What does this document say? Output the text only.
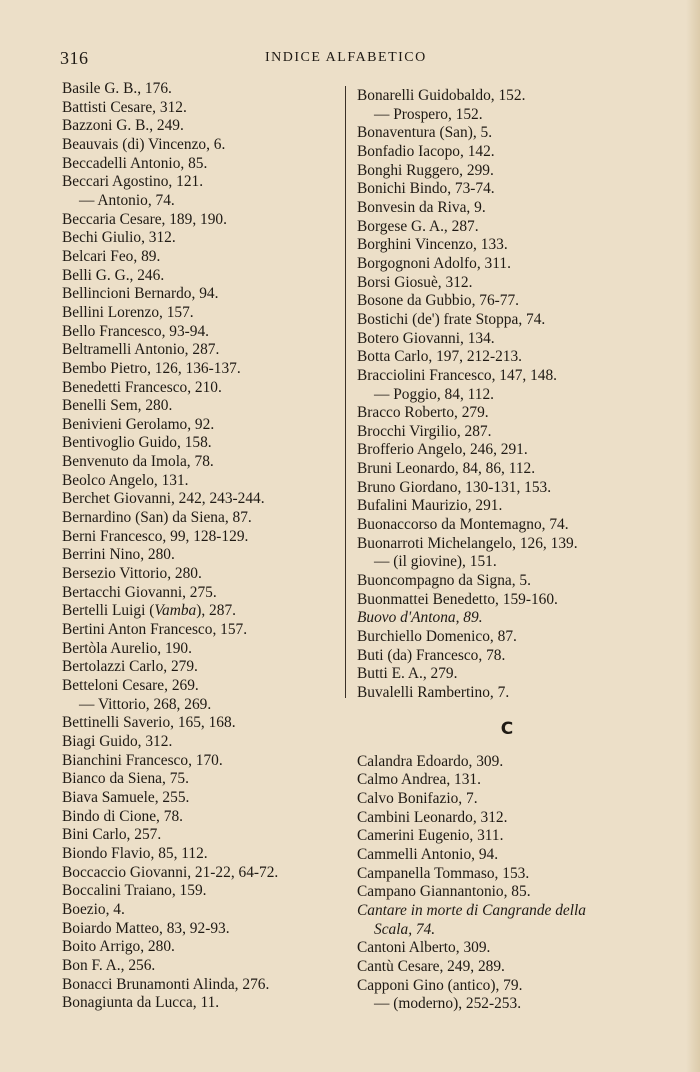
316	INDICE ALFABETICO
Basile G. B., 176.
Battisti Cesare, 312.
Bazzoni G. B., 249.
Beauvais (di) Vincenzo, 6.
Beccadelli Antonio, 85.
Beccari Agostino, 121.
— Antonio, 74.
Beccaria Cesare, 189, 190.
Bechi Giulio, 312.
Belcari Feo, 89.
Belli G. G., 246.
Bellincioni Bernardo, 94.
Bellini Lorenzo, 157.
Bello Francesco, 93-94.
Beltramelli Antonio, 287.
Bembo Pietro, 126, 136-137.
Benedetti Francesco, 210.
Benelli Sem, 280.
Benivieni Gerolamo, 92.
Bentivoglio Guido, 158.
Benvenuto da Imola, 78.
Beolco Angelo, 131.
Berchet Giovanni, 242, 243-244.
Bernardino (San) da Siena, 87.
Berni Francesco, 99, 128-129.
Berrini Nino, 280.
Bersezio Vittorio, 280.
Bertacchi Giovanni, 275.
Bertelli Luigi (Vamba), 287.
Bertini Anton Francesco, 157.
Bertòla Aurelio, 190.
Bertolazzi Carlo, 279.
Betteloni Cesare, 269.
— Vittorio, 268, 269.
Bettinelli Saverio, 165, 168.
Biagi Guido, 312.
Bianchini Francesco, 170.
Bianco da Siena, 75.
Biava Samuele, 255.
Bindo di Cione, 78.
Bini Carlo, 257.
Biondo Flavio, 85, 112.
Boccaccio Giovanni, 21-22, 64-72.
Boccalini Traiano, 159.
Boezio, 4.
Boiardo Matteo, 83, 92-93.
Boito Arrigo, 280.
Bon F. A., 256.
Bonacci Brunamonti Alinda, 276.
Bonagiunta da Lucca, 11.
Bonarelli Guidobaldo, 152.
— Prospero, 152.
Bonaventura (San), 5.
Bonfadio Iacopo, 142.
Bonghi Ruggero, 299.
Bonichi Bindo, 73-74.
Bonvesin da Riva, 9.
Borgese G. A., 287.
Borghini Vincenzo, 133.
Borgognoni Adolfo, 311.
Borsi Giosuè, 312.
Bosone da Gubbio, 76-77.
Bostichi (de') frate Stoppa, 74.
Botero Giovanni, 134.
Botta Carlo, 197, 212-213.
Bracciolini Francesco, 147, 148.
— Poggio, 84, 112.
Bracco Roberto, 279.
Brocchi Virgilio, 287.
Brofferio Angelo, 246, 291.
Bruni Leonardo, 84, 86, 112.
Bruno Giordano, 130-131, 153.
Bufalini Maurizio, 291.
Buonaccorso da Montemagno, 74.
Buonarroti Michelangelo, 126, 139.
— (il giovine), 151.
Buoncompagno da Signa, 5.
Buonmattei Benedetto, 159-160.
Buovo d'Antona, 89.
Burchiello Domenico, 87.
Buti (da) Francesco, 78.
Butti E. A., 279.
Buvalelli Rambertino, 7.
C
Calandra Edoardo, 309.
Calmo Andrea, 131.
Calvo Bonifazio, 7.
Cambini Leonardo, 312.
Camerini Eugenio, 311.
Cammelli Antonio, 94.
Campanella Tommaso, 153.
Campano Giannantonio, 85.
Cantare in morte di Cangrande della
Scala, 74.
Cantoni Alberto, 309.
Cantù Cesare, 249, 289.
Capponi Gino (antico), 79.
— (moderno), 252-253.
